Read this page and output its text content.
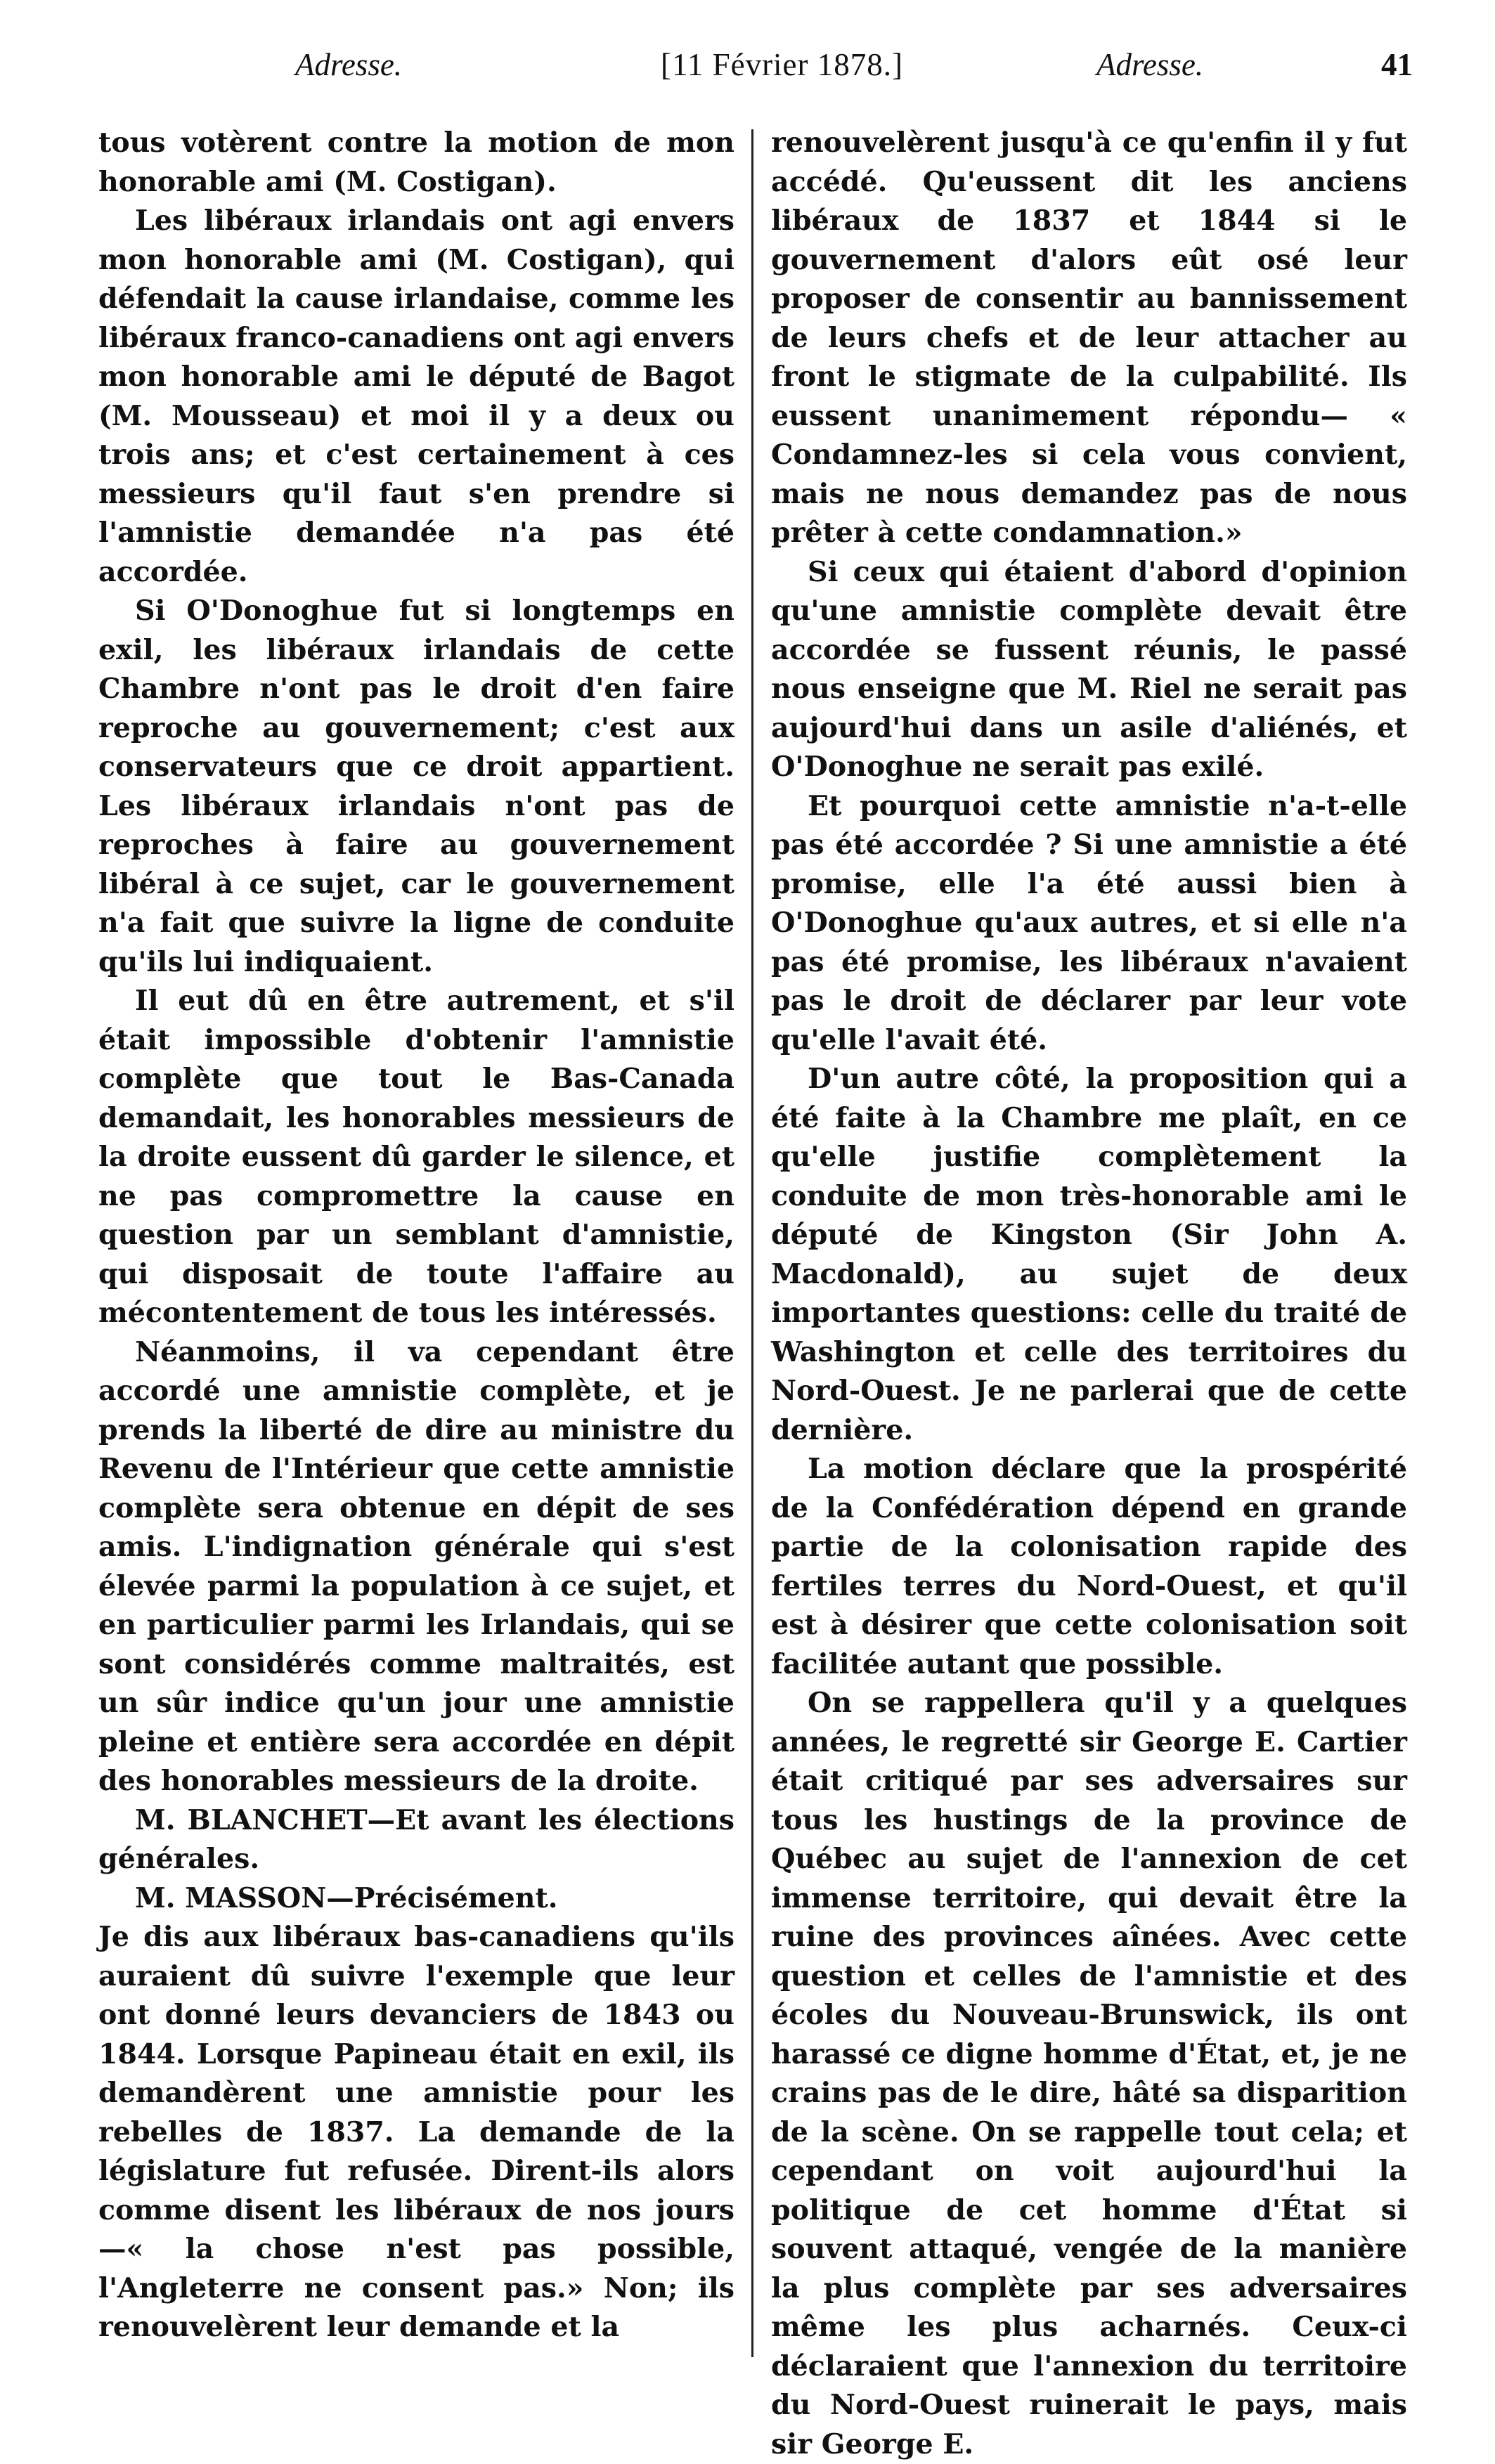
Adresse.	[11 Février 1878.]	Adresse.	41

tous votèrent contre la motion de mon honorable ami (M. Costigan).

Les libéraux irlandais ont agi envers mon honorable ami (M. Costigan), qui défendait la cause irlandaise, comme les libéraux franco-canadiens ont agi envers mon honorable ami le député de Bagot (M. Mousseau) et moi il y a deux ou trois ans; et c'est certainement à ces messieurs qu'il faut s'en prendre si l'amnistie demandée n'a pas été accordée.

Si O'Donoghue fut si longtemps en exil, les libéraux irlandais de cette Chambre n'ont pas le droit d'en faire reproche au gouvernement; c'est aux conservateurs que ce droit appartient. Les libéraux irlandais n'ont pas de reproches à faire au gouvernement libéral à ce sujet, car le gouvernement n'a fait que suivre la ligne de conduite qu'ils lui indiquaient.

Il eut dû en être autrement, et s'il était impossible d'obtenir l'amnistie complète que tout le Bas-Canada demandait, les honorables messieurs de la droite eussent dû garder le silence, et ne pas compromettre la cause en question par un semblant d'amnistie, qui disposait de toute l'affaire au mécontentement de tous les intéressés.

Néanmoins, il va cependant être accordé une amnistie complète, et je prends la liberté de dire au ministre du Revenu de l'Intérieur que cette amnistie complète sera obtenue en dépit de ses amis. L'indignation générale qui s'est élevée parmi la population à ce sujet, et en particulier parmi les Irlandais, qui se sont considérés comme maltraités, est un sûr indice qu'un jour une amnistie pleine et entière sera accordée en dépit des honorables messieurs de la droite.

M. BLANCHET—Et avant les élections générales.

M. MASSON—Précisément.

Je dis aux libéraux bas-canadiens qu'ils auraient dû suivre l'exemple que leur ont donné leurs devanciers de 1843 ou 1844. Lorsque Papineau était en exil, ils demandèrent une amnistie pour les rebelles de 1837. La demande de la législature fut refusée. Dirent-ils alors comme disent les libéraux de nos jours—« la chose n'est pas possible, l'Angleterre ne consent pas.» Non; ils renouvelèrent leur demande et la

renouvelèrent jusqu'à ce qu'enfin il y fut accédé. Qu'eussent dit les anciens libéraux de 1837 et 1844 si le gouvernement d'alors eût osé leur proposer de consentir au bannissement de leurs chefs et de leur attacher au front le stigmate de la culpabilité. Ils eussent unanimement répondu— « Condamnez-les si cela vous convient, mais ne nous demandez pas de nous prêter à cette condamnation.»

Si ceux qui étaient d'abord d'opinion qu'une amnistie complète devait être accordée se fussent réunis, le passé nous enseigne que M. Riel ne serait pas aujourd'hui dans un asile d'aliénés, et O'Donoghue ne serait pas exilé.

Et pourquoi cette amnistie n'a-t-elle pas été accordée ? Si une amnistie a été promise, elle l'a été aussi bien à O'Donoghue qu'aux autres, et si elle n'a pas été promise, les libéraux n'avaient pas le droit de déclarer par leur vote qu'elle l'avait été.

D'un autre côté, la proposition qui a été faite à la Chambre me plaît, en ce qu'elle justifie complètement la conduite de mon très-honorable ami le député de Kingston (Sir John A. Macdonald), au sujet de deux importantes questions: celle du traité de Washington et celle des territoires du Nord-Ouest. Je ne parlerai que de cette dernière.

La motion déclare que la prospérité de la Confédération dépend en grande partie de la colonisation rapide des fertiles terres du Nord-Ouest, et qu'il est à désirer que cette colonisation soit facilitée autant que possible.

On se rappellera qu'il y a quelques années, le regretté sir George E. Cartier était critiqué par ses adversaires sur tous les hustings de la province de Québec au sujet de l'annexion de cet immense territoire, qui devait être la ruine des provinces aînées. Avec cette question et celles de l'amnistie et des écoles du Nouveau-Brunswick, ils ont harassé ce digne homme d'État, et, je ne crains pas de le dire, hâté sa disparition de la scène. On se rappelle tout cela; et cependant on voit aujourd'hui la politique de cet homme d'État si souvent attaqué, vengée de la manière la plus complète par ses adversaires même les plus acharnés. Ceux-ci déclaraient que l'annexion du territoire du Nord-Ouest ruinerait le pays, mais sir George E.
